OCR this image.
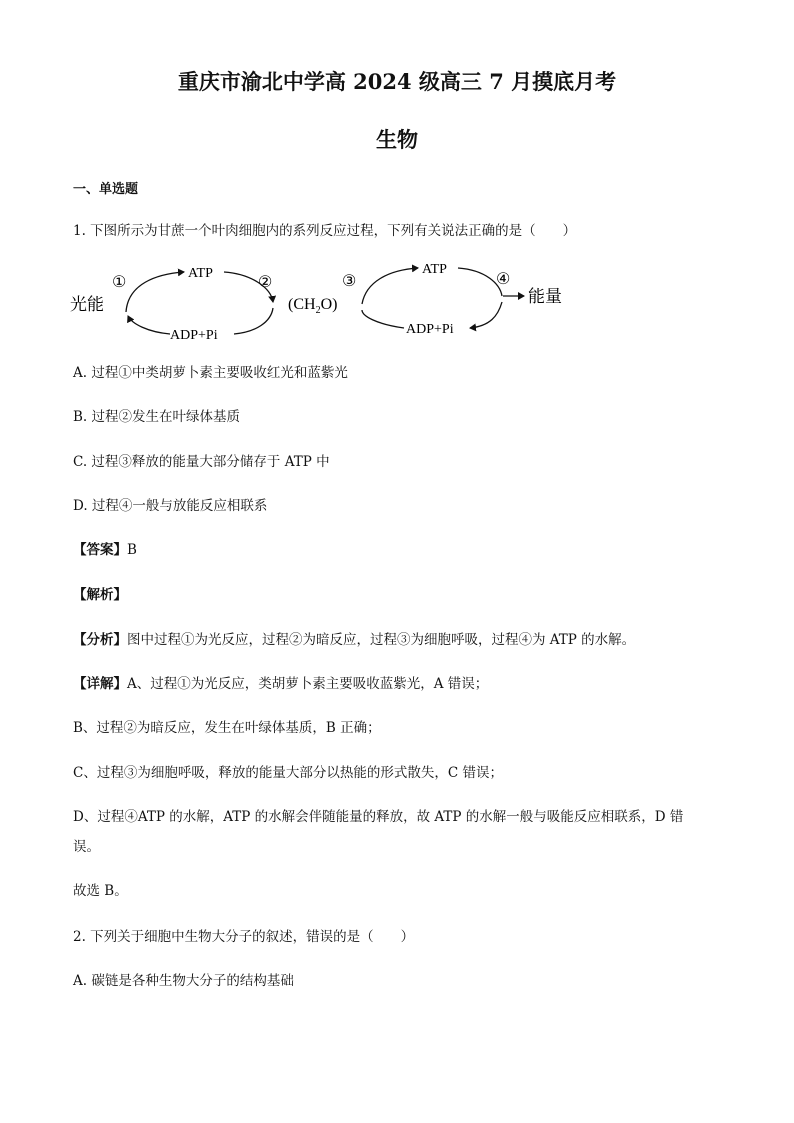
重庆市渝北中学高 2024 级高三 7 月摸底月考
生物
一、单选题
1. 下图所示为甘蔗一个叶肉细胞内的系列反应过程，下列有关说法正确的是（　　）
光能
①
ATP
②
ADP+Pi
$(CH_2O)$
③
ATP
④
能量
ADP+Pi
A. 过程①中类胡萝卜素主要吸收红光和蓝紫光
B. 过程②发生在叶绿体基质
C. 过程③释放的能量大部分储存于 ATP 中
D. 过程④一般与放能反应相联系
【答案】B
【解析】
【分析】图中过程①为光反应，过程②为暗反应，过程③为细胞呼吸，过程④为 ATP 的水解。
【详解】A、过程①为光反应，类胡萝卜素主要吸收蓝紫光，A 错误；
B、过程②为暗反应，发生在叶绿体基质，B 正确；
C、过程③为细胞呼吸，释放的能量大部分以热能的形式散失，C 错误；
D、过程④ATP 的水解，ATP 的水解会伴随能量的释放，故 ATP 的水解一般与吸能反应相联系，D 错
误。
故选 B。
2. 下列关于细胞中生物大分子的叙述，错误的是（　　）
A. 碳链是各种生物大分子的结构基础
